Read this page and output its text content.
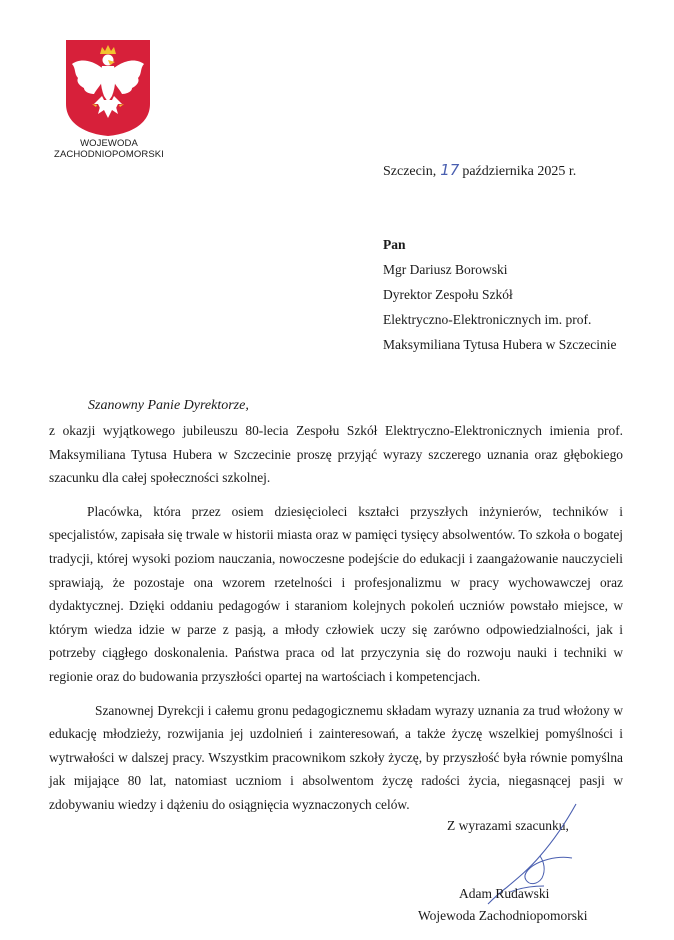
WOJEWODA
ZACHODNIOPOMORSKI
Szczecin, 17 października 2025 r.
Pan
Mgr Dariusz Borowski
Dyrektor Zespołu Szkół
Elektryczno-Elektronicznych im. prof.
Maksymiliana Tytusa Hubera w Szczecinie
Szanowny Panie Dyrektorze,

z okazji wyjątkowego jubileuszu 80-lecia Zespołu Szkół Elektryczno-Elektronicznych imienia prof. Maksymiliana Tytusa Hubera w Szczecinie proszę przyjąć wyrazy szczerego uznania oraz głębokiego szacunku dla całej społeczności szkolnej.

Placówka, która przez osiem dziesięcioleci kształci przyszłych inżynierów, techników i specjalistów, zapisała się trwale w historii miasta oraz w pamięci tysięcy absolwentów. To szkoła o bogatej tradycji, której wysoki poziom nauczania, nowoczesne podejście do edukacji i zaangażowanie nauczycieli sprawiają, że pozostaje ona wzorem rzetelności i profesjonalizmu w pracy wychowawczej oraz dydaktycznej. Dzięki oddaniu pedagogów i staraniom kolejnych pokoleń uczniów powstało miejsce, w którym wiedza idzie w parze z pasją, a młody człowiek uczy się zarówno odpowiedzialności, jak i potrzeby ciągłego doskonalenia. Państwa praca od lat przyczynia się do rozwoju nauki i techniki w regionie oraz do budowania przyszłości opartej na wartościach i kompetencjach.

Szanownej Dyrekcji i całemu gronu pedagogicznemu składam wyrazy uznania za trud włożony w edukację młodzieży, rozwijania jej uzdolnień i zainteresowań, a także życzę wszelkiej pomyślności i wytrwałości w dalszej pracy. Wszystkim pracownikom szkoły życzę, by przyszłość była równie pomyślna jak mijające 80 lat, natomiast uczniom i absolwentom życzę radości życia, niegasnącej pasji w zdobywaniu wiedzy i dążeniu do osiągnięcia wyznaczonych celów.

Z wyrazami szacunku,
Adam Rudawski
Wojewoda Zachodniopomorski
